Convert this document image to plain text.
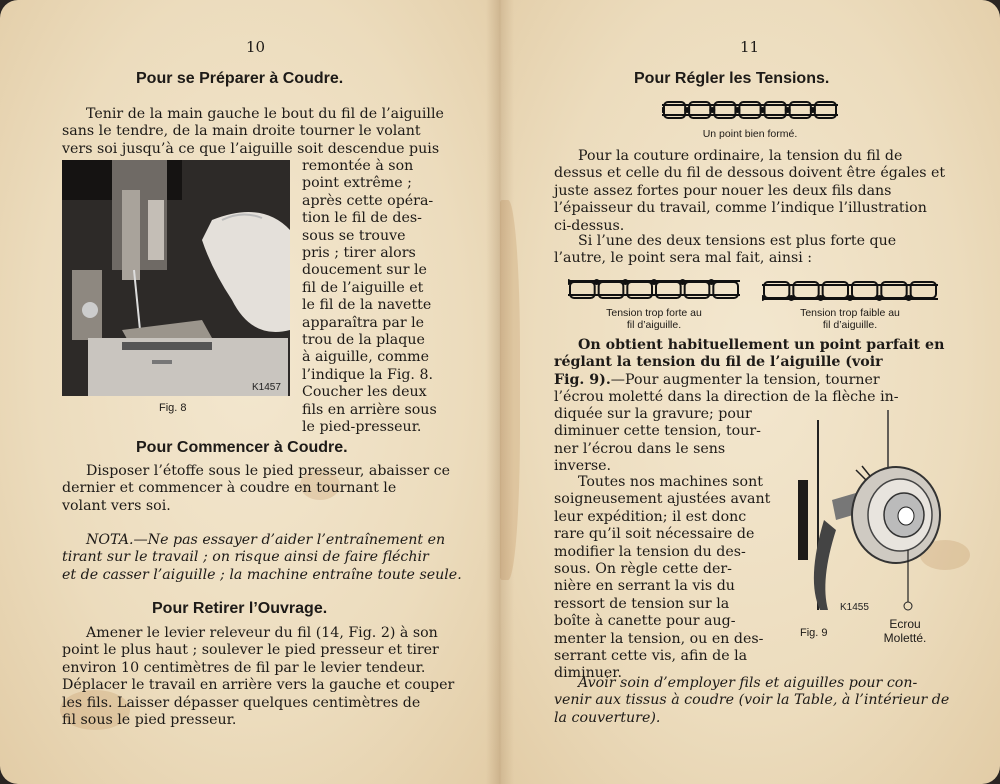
10
Pour se Préparer à Coudre.
Tenir de la main gauche le bout du fil de l’aiguille
sans le tendre, de la main droite tourner le volant
vers soi jusqu’à ce que l’aiguille soit descendue puis
K1457
Fig. 8
remontée à son
point extrême ;
après cette opéra-
tion le fil de des-
sous se trouve
pris ; tirer alors
doucement sur le
fil de l’aiguille et
le fil de la navette
apparaîtra par le
trou de la plaque
à aiguille, comme
l’indique la Fig. 8.
Coucher les deux
fils en arrière sous
le pied-presseur.
Pour Commencer à Coudre.
Disposer l’étoffe sous le pied presseur, abaisser ce
dernier et commencer à coudre en tournant le
volant vers soi.
NOTA.—Ne pas essayer d’aider l’entraînement en
tirant sur le travail ; on risque ainsi de faire fléchir
et de casser l’aiguille ; la machine entraîne toute seule.
Pour Retirer l’Ouvrage.
Amener le levier releveur du fil (14, Fig. 2) à son
point le plus haut ; soulever le pied presseur et tirer
environ 10 centimètres de fil par le levier tendeur.
Déplacer le travail en arrière vers la gauche et couper
les fils. Laisser dépasser quelques centimètres de
fil sous le pied presseur.
11
Pour Régler les Tensions.
Un point bien formé.
Pour la couture ordinaire, la tension du fil de
dessus et celle du fil de dessous doivent être égales et
juste assez fortes pour nouer les deux fils dans
l’épaisseur du travail, comme l’indique l’illustration
ci-dessus.
Si l’une des deux tensions est plus forte que
l’autre, le point sera mal fait, ainsi :
Tension trop forte au
fil d’aiguille.
Tension trop faible au
fil d’aiguille.
On obtient habituellement un point parfait en
réglant la tension du fil de l’aiguille (voir
Fig. 9).—Pour augmenter la tension, tourner
l’écrou moletté dans la direction de la flèche in-
diquée sur la gravure; pour
diminuer cette tension, tour-
ner l’écrou dans le sens
inverse.
Toutes nos machines sont
soigneusement ajustées avant
leur expédition; il est donc
rare qu’il soit nécessaire de
modifier la tension du des-
sous. On règle cette der-
nière en serrant la vis du
ressort de tension sur la
boîte à canette pour aug-
menter la tension, ou en des-
serrant cette vis, afin de la
diminuer.
K1455
Fig. 9
Ecrou
Moletté.
Avoir soin d’employer fils et aiguilles pour con-
venir aux tissus à coudre (voir la Table, à l’intérieur de
la couverture).
